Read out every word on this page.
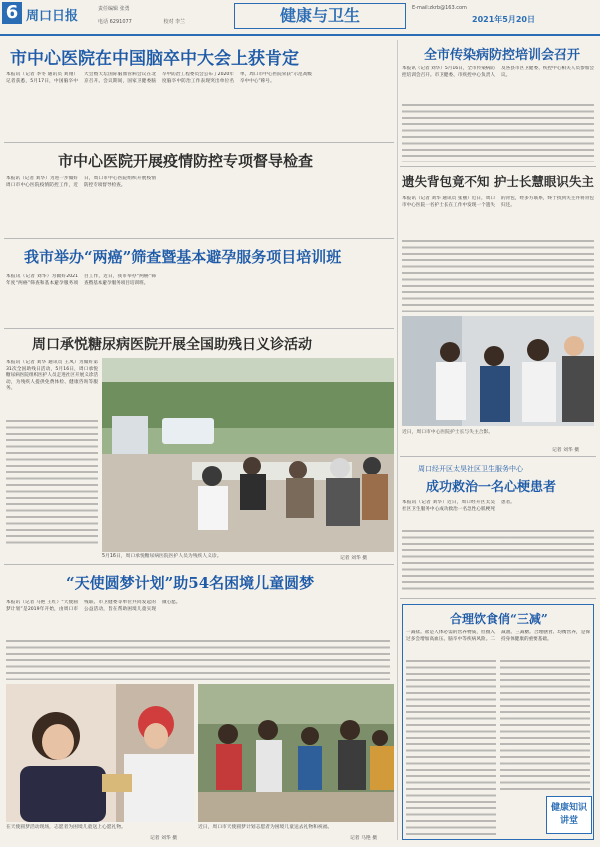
6 周口日报	责任编辑 张勇
电话 6291077	校对 李兰	健康与卫生	E-mail:zkrb@163.com
2021年5月20日
市中心医院在中国脑卒中大会上获肯定
本报讯（记者 李冬 通讯员 刘翔）记者获悉，5月17日，中国脑卒中大会暨天坛国际脑血管病会议在北京召开。会议期间，国家卫健委脑卒中防治工程委员会公布了2020年度脑卒中防治工作表现突出单位名单，周口市中心医院荣获“示范高级卒中中心”称号。
市中心医院开展疫情防控专项督导检查
本报讯（记者 刘华）为进一步做好周口市中心医院疫情防控工作，近日，周口市中心医院组织开展疫情防控专项督导检查。
我市举办“两癌”筛查暨基本避孕服务项目培训班
本报讯（记者 刘华）为做好2021年度“两癌”筛查和基本避孕服务项目工作，近日，我市举办“两癌”筛查暨基本避孕服务项目培训班。
周口承悦糖尿病医院开展全国助残日义诊活动
本报讯（记者 刘华 通讯员 王凤）为做好第31次全国助残日活动，5月16日，周口承悦糖尿病医院组织医护人员走进社区开展义诊活动，为残疾人提供免费体检、健康咨询等服务。
5月16日，周口承悦糖尿病医院医护人员为残疾人义诊。	记者 刘华 摄
“天使圆梦计划”助54名困境儿童圆梦
本报讯（记者 马艳 王红）“天使圆梦计划”是2019年开始，由周口市残联、市卫健委等单位共同发起的公益活动，旨在帮助困境儿童实现微心愿。
在天使圆梦活动现场，志愿者为困境儿童送上心愿礼物。
记者 刘华 摄
近日，周口市天使圆梦计划志愿者为困境儿童送去礼物和祝福。
记者 马艳 摄
全市传染病防控培训会召开
本报讯（记者 刘华）5月16日，全市传染病防控培训会召开。市卫健委、市疾控中心负责人及各县市区卫健委、疾控中心相关人员参加会议。
遗失背包竟不知 护士长慧眼识失主
本报讯（记者 刘华 通讯员 张丽）近日，周口市中心医院一名护士长在工作中发现一个遗失的背包，经多方联系，终于找到失主并将背包归还。
近日，周口市中心医院护士长与失主合影。
记者 刘华 摄
周口经开区太昊社区卫生服务中心
成功救治一名心梗患者
本报讯（记者 刘华）近日，周口经开区太昊社区卫生服务中心成功救治一名急性心肌梗死患者。
合理饮食俏“三减”
一减盐。盐是人体必需的营养物质，但摄入过多会增加高血压、脑卒中等疾病风险。二减油。三减糖。合理膳食、均衡营养，是保持身体健康的重要基础。
健康知识
讲堂
